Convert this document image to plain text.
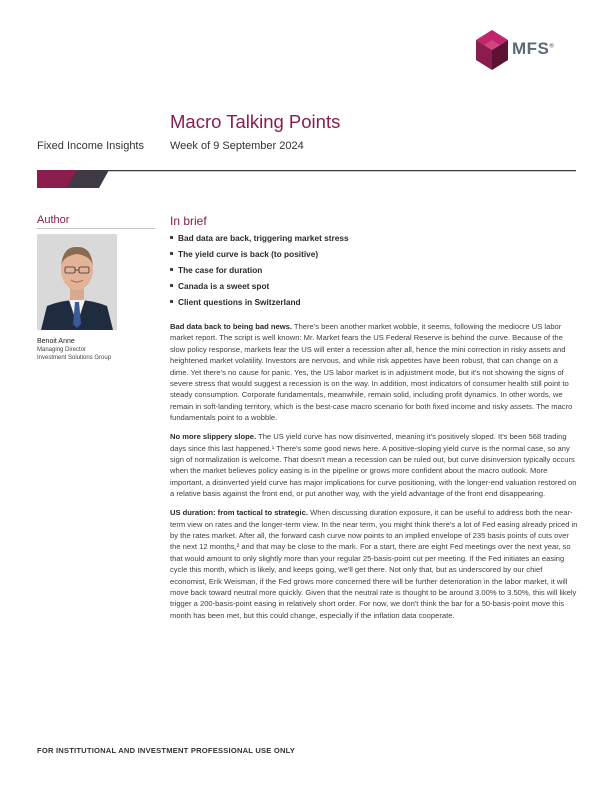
MFS®
Macro Talking Points
Fixed Income Insights Week of 9 September 2024
Author
Benoit Anne
Managing Director
Investment Solutions Group
In brief
Bad data are back, triggering market stress
The yield curve is back (to positive)
The case for duration
Canada is a sweet spot
Client questions in Switzerland

Bad data back to being bad news. There's been another market wobble, it seems, following the mediocre US labor market report. The script is well known: Mr. Market fears the US Federal Reserve is behind the curve. Because of the slow policy response, markets fear the US will enter a recession after all, hence the mini correction in risky assets and heightened market volatility. Investors are nervous, and while risk appetites have been robust, that can change on a dime. Yet there's no cause for panic. Yes, the US labor market is in adjustment mode, but it's not showing the signs of severe stress that would suggest a recession is on the way. In addition, most indicators of consumer health still point to steady consumption. Corporate fundamentals, meanwhile, remain solid, including profit dynamics. In other words, we remain in soft-landing territory, which is the best-case macro scenario for both fixed income and risky assets. The macro fundamentals point to a wobble.

No more slippery slope. The US yield curve has now disinverted, meaning it's positively sloped. It's been 568 trading days since this last happened.¹ There's some good news here. A positive-sloping yield curve is the normal case, so any sign of normalization is welcome. That doesn't mean a recession can be ruled out, but curve disinversion typically occurs when the market believes policy easing is in the pipeline or grows more confident about the macro outlook. More important, a disinverted yield curve has major implications for curve positioning, with the longer-end valuation restored on a relative basis against the front end, or put another way, with the yield advantage of the front end disappearing.

US duration: from tactical to strategic. When discussing duration exposure, it can be useful to address both the near-term view on rates and the longer-term view. In the near term, you might think there's a lot of Fed easing already priced in by the rates market. After all, the forward cash curve now points to an implied envelope of 235 basis points of cuts over the next 12 months,² and that may be close to the mark. For a start, there are eight Fed meetings over the next year, so that would amount to only slightly more than your regular 25-basis-point cut per meeting. If the Fed initiates an easing cycle this month, which is likely, and keeps going, we'll get there. Not only that, but as underscored by our chief economist, Erik Weisman, if the Fed grows more concerned there will be further deterioration in the labor market, it will move back toward neutral more quickly. Given that the neutral rate is thought to be around 3.00% to 3.50%, this will likely trigger a 200-basis-point easing in relatively short order. For now, we don't think the bar for a 50-basis-point move this month has been met, but this could change, especially if the inflation data cooperate.

FOR INSTITUTIONAL AND INVESTMENT PROFESSIONAL USE ONLY
